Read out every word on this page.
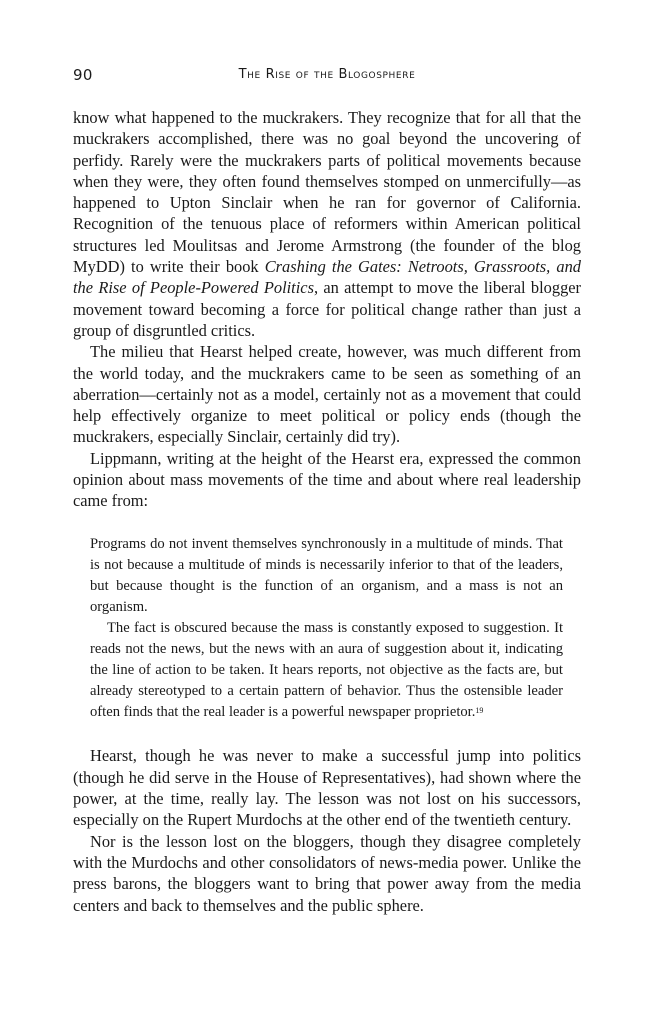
90	The Rise of the Blogosphere

know what happened to the muckrakers. They recognize that for all that the muckrakers accomplished, there was no goal beyond the uncovering of perfidy. Rarely were the muckrakers parts of political movements because when they were, they often found themselves stomped on unmercifully—as happened to Upton Sinclair when he ran for governor of California. Recognition of the tenuous place of reformers within American political structures led Moulitsas and Jerome Armstrong (the founder of the blog MyDD) to write their book Crashing the Gates: Netroots, Grassroots, and the Rise of People-Powered Politics, an attempt to move the liberal blogger movement toward becoming a force for political change rather than just a group of disgruntled critics.

The milieu that Hearst helped create, however, was much different from the world today, and the muckrakers came to be seen as something of an aberration—certainly not as a model, certainly not as a movement that could help effectively organize to meet political or policy ends (though the muckrakers, especially Sinclair, certainly did try).

Lippmann, writing at the height of the Hearst era, expressed the common opinion about mass movements of the time and about where real leadership came from:

Programs do not invent themselves synchronously in a multitude of minds. That is not because a multitude of minds is necessarily inferior to that of the leaders, but because thought is the function of an organism, and a mass is not an organism.

The fact is obscured because the mass is constantly exposed to suggestion. It reads not the news, but the news with an aura of suggestion about it, indicating the line of action to be taken. It hears reports, not objective as the facts are, but already stereotyped to a certain pattern of behavior. Thus the ostensible leader often finds that the real leader is a powerful newspaper proprietor.$^{19}$

Hearst, though he was never to make a successful jump into politics (though he did serve in the House of Representatives), had shown where the power, at the time, really lay. The lesson was not lost on his successors, especially on the Rupert Murdochs at the other end of the twentieth century.

Nor is the lesson lost on the bloggers, though they disagree completely with the Murdochs and other consolidators of news-media power. Unlike the press barons, the bloggers want to bring that power away from the media centers and back to themselves and the public sphere.
